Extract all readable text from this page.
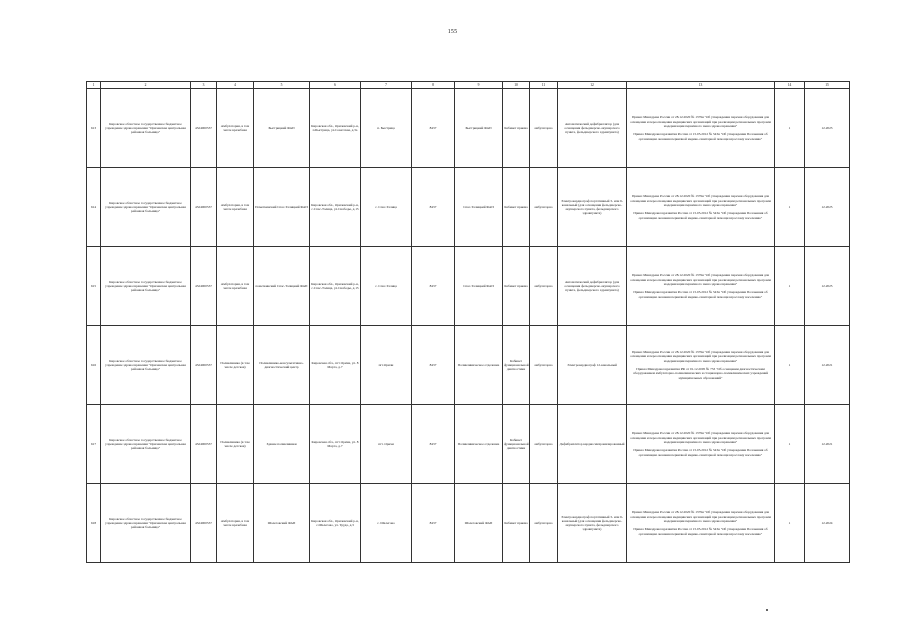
155
1	2	3	4	5	6	7	8	9	10	11	12	13	14	15
613	Кировское областное государственное бюджетное учреждение здравоохранения "Оричевская центральная районная больница"	4324000537	Амбулатория, в том числе врачебная	Быстрицкий ФАП	Кировская обл., Оричевский р-н, п.Быстрица, ул.Советская, д.3а	п. Быстрица	8437	Быстрицкий ФАП	Кабинет приема	амбулаторно	Автоматический дефибриллятор (для оснащения фельдшерско-акушерского пункта, фельдшерского здравпункта)	Приказ Минздрава России от 28.12.2020 № 1379н "Об утверждении перечня оборудования для оснащения и переоснащения медицинских организаций при реализации региональных программ модернизации первичного звена здравоохранения"

Приказ Минздравсоцразвития России от 15.05.2012 № 543н "Об утверждении Положения об организации оказания первичной медико-санитарной помощи взрослому населению"	1	12.2023
614	Кировское областное государственное бюджетное учреждение здравоохранения "Оричевская центральная районная больница"	4324000537	Амбулатория, в том числе врачебная	Пометкинский Спас-Талицкий ФАП	Кировская обл., Оричевский р-н, с.Спас-Талица, ул.Свободы, д.15	с. Спас-Талица	8437	Спас-Талицкий ФАП	Кабинет приема	амбулаторно	Электрокардиограф портативный 3- или 6-канальный (для оснащения фельдшерско-акушерского пункта, фельдшерского здравпункта)	Приказ Минздрава России от 28.12.2020 № 1379н "Об утверждении перечня оборудования для оснащения и переоснащения медицинских организаций при реализации региональных программ модернизации первичного звена здравоохранения"

Приказ Минздравсоцразвития России от 15.05.2012 № 543н "Об утверждении Положения об организации оказания первичной медико-санитарной помощи взрослому населению"	1	12.2025
615	Кировское областное государственное бюджетное учреждение здравоохранения "Оричевская центральная районная больница"	4324000537	Амбулатория, в том числе врачебная	пометкинский Спас-Талицкий ФАП	Кировская обл., Оричевский р-н, с.Спас-Талица, ул.Свободы, д.15	с. Спас-Талица	8437	Спас-Талицкий ФАП	Кабинет приема	амбулаторно	Автоматический дефибриллятор (для оснащения фельдшерско-акушерского пункта, фельдшерского здравпункта)	Приказ Минздрава России от 28.12.2020 № 1379н "Об утверждении перечня оборудования для оснащения и переоснащения медицинских организаций при реализации региональных программ модернизации первичного звена здравоохранения"

Приказ Минздравсоцразвития России от 15.05.2012 № 543н "Об утверждении Положения об организации оказания первичной медико-санитарной помощи взрослому населению"	1	12.2025
616	Кировское областное государственное бюджетное учреждение здравоохранения "Оричевская центральная районная больница"	4324000537	Поликлиника (в том числе детская)	Поликлинико-консультативно-диагностический центр	Кировская обл., пгт Оричи, ул. 8 Марта, д.7	пгт.Оричи	8437	Поликлиническое отделение	Кабинет функциональной диагностики	амбулаторно	Электрокардиограф 12-канальный	Приказ Минздрава России от 28.12.2020 № 1379н "Об утверждении перечня оборудования для оснащения и переоснащения медицинских организаций при реализации региональных программ модернизации первичного звена здравоохранения"

Приказ Минздравсоцразвития РФ от 01.12.2005 № 753 "Об оснащении диагностическим оборудованием амбулаторно-поликлинических и стационарно-поликлинических учреждений муниципальных образований"	1	12.2021
617	Кировское областное государственное бюджетное учреждение здравоохранения "Оричевская центральная районная больница"	4324000537	Поликлиника (в том числе детская)	Здание поликлиники	Кировская обл., пгт Оричи, ул. 8 Марта, д.7	пгт. Оричи	8437	Поликлиническое отделение	Кабинет функциональной диагностики	амбулаторно	Дефибриллятор кардиосинхронизированный	Приказ Минздрава России от 28.12.2020 № 1379н "Об утверждении перечня оборудования для оснащения и переоснащения медицинских организаций при реализации региональных программ модернизации первичного звена здравоохранения"

Приказ Минздравсоцразвития России от 15.05.2012 № 543н "Об утверждении Положения об организации оказания первичной медико-санитарной помощи взрослому населению"	1	12.2021
618	Кировское областное государственное бюджетное учреждение здравоохранения "Оричевская центральная районная больница"	4324000537	Амбулатория, в том числе врачебная	Шалеговский ФАП	Кировская обл., Оричевский р-н, с.Шалегово, ул. Труда, д.3	с. Шалегово	8437	Шалеговский ФАП	Кабинет приема	амбулаторно	Электрокардиограф портативный 3- или 6-канальный (для оснащения фельдшерско-акушерского пункта, фельдшерского здравпункта)	Приказ Минздрава России от 28.12.2020 № 1379н "Об утверждении перечня оборудования для оснащения и переоснащения медицинских организаций при реализации региональных программ модернизации первичного звена здравоохранения"

Приказ Минздравсоцразвития России от 15.05.2012 № 543н "Об утверждении Положения об организации оказания первичной медико-санитарной помощи взрослому населению"	1	12.2024
